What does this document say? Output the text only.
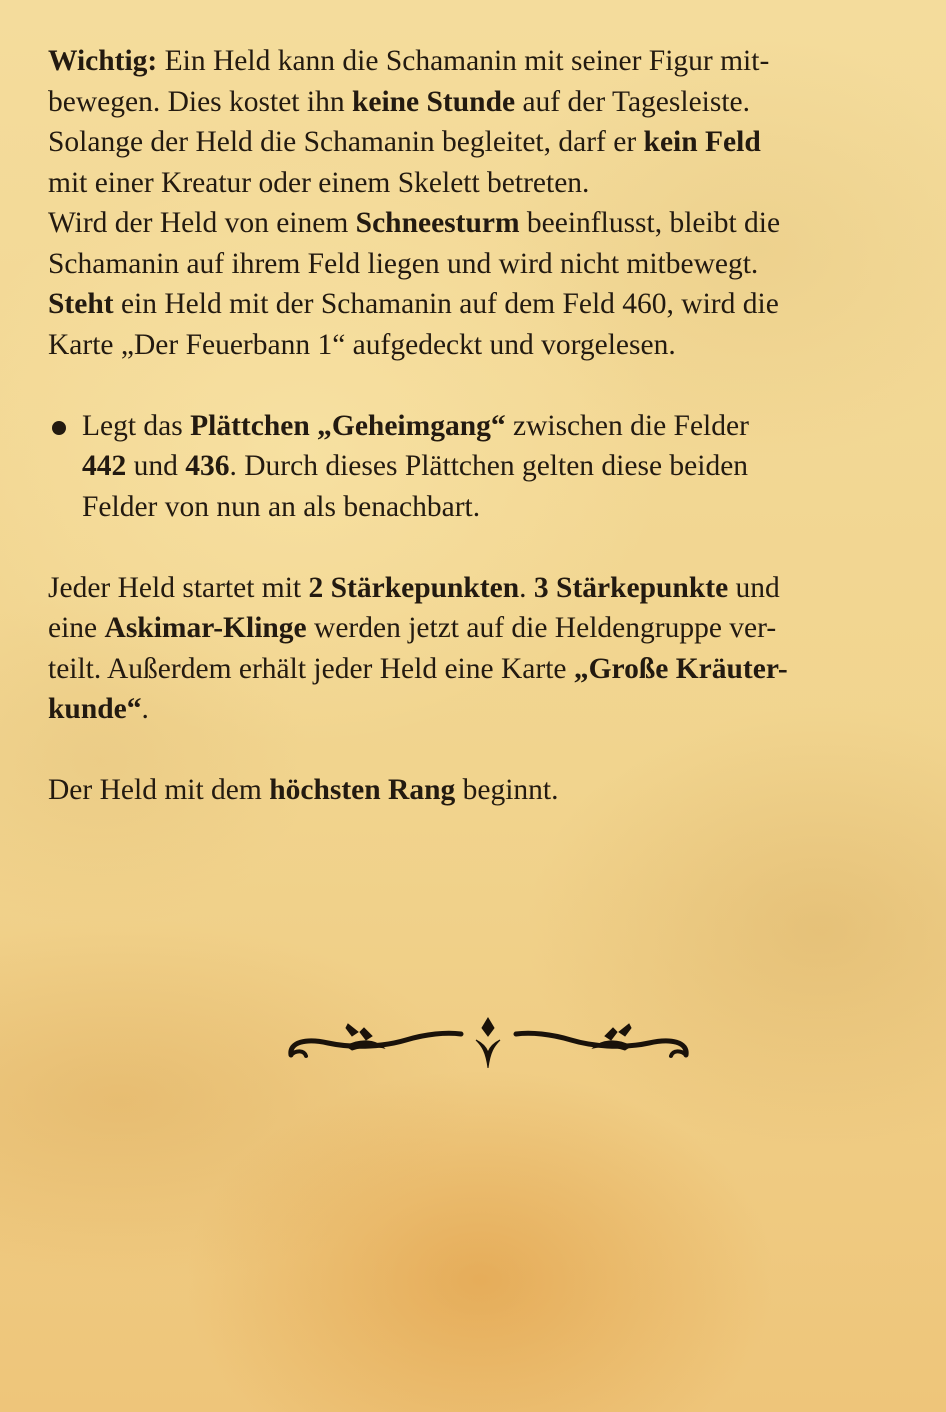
Wichtig: Ein Held kann die Schamanin mit seiner Figur mit-
bewegen. Dies kostet ihn keine Stunde auf der Tagesleiste.
Solange der Held die Schamanin begleitet, darf er kein Feld
mit einer Kreatur oder einem Skelett betreten.

Wird der Held von einem Schneesturm beeinflusst, bleibt die
Schamanin auf ihrem Feld liegen und wird nicht mitbewegt.

Steht ein Held mit der Schamanin auf dem Feld 460, wird die
Karte „Der Feuerbann 1“ aufgedeckt und vorgelesen.

Legt das Plättchen „Geheimgang“ zwischen die Felder
442 und 436. Durch dieses Plättchen gelten diese beiden
Felder von nun an als benachbart.

Jeder Held startet mit 2 Stärkepunkten. 3 Stärkepunkte und
eine Askimar-Klinge werden jetzt auf die Heldengruppe ver-
teilt. Außerdem erhält jeder Held eine Karte „Große Kräuter-
kunde“.

Der Held mit dem höchsten Rang beginnt.
